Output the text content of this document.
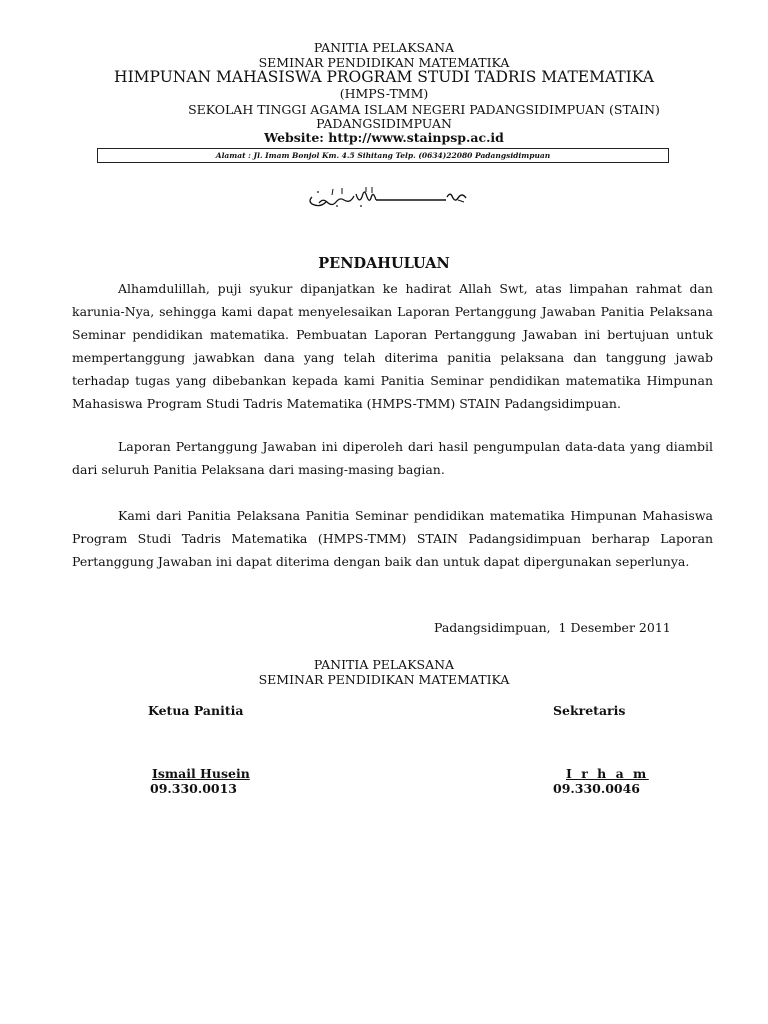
PANITIA PELAKSANA
SEMINAR PENDIDIKAN MATEMATIKA
HIMPUNAN MAHASISWA PROGRAM STUDI TADRIS MATEMATIKA
(HMPS-TMM)
SEKOLAH TINGGI AGAMA ISLAM NEGERI PADANGSIDIMPUAN (STAIN)
PADANGSIDIMPUAN
Website: http://www.stainpsp.ac.id
Alamat : Jl. Imam Bonjol Km. 4.5 Sihitang Telp. (0634)22080 Padangsidimpuan
PENDAHULUAN
Alhamdulillah, puji syukur dipanjatkan ke hadirat Allah Swt, atas limpahan rahmat dan karunia-Nya, sehingga kami dapat menyelesaikan Laporan Pertanggung Jawaban Panitia Pelaksana Seminar pendidikan matematika. Pembuatan Laporan Pertanggung Jawaban ini bertujuan untuk mempertanggung jawabkan dana yang telah diterima panitia pelaksana dan tanggung jawab terhadap tugas yang dibebankan kepada kami Panitia Seminar pendidikan matematika Himpunan Mahasiswa Program Studi Tadris Matematika (HMPS-TMM) STAIN Padangsidimpuan.
Laporan Pertanggung Jawaban ini diperoleh dari hasil pengumpulan data-data yang diambil dari seluruh Panitia Pelaksana dari masing-masing bagian.
Kami dari Panitia Pelaksana Panitia Seminar pendidikan matematika Himpunan Mahasiswa Program Studi Tadris Matematika (HMPS-TMM) STAIN Padangsidimpuan berharap Laporan Pertanggung Jawaban ini dapat diterima dengan baik dan untuk dapat dipergunakan seperlunya.
Padangsidimpuan,  1 Desember 2011
PANITIA PELAKSANA
SEMINAR PENDIDIKAN MATEMATIKA
Ketua Panitia	Sekretaris
Ismail Husein
09.330.0013
I r h a m
09.330.0046
